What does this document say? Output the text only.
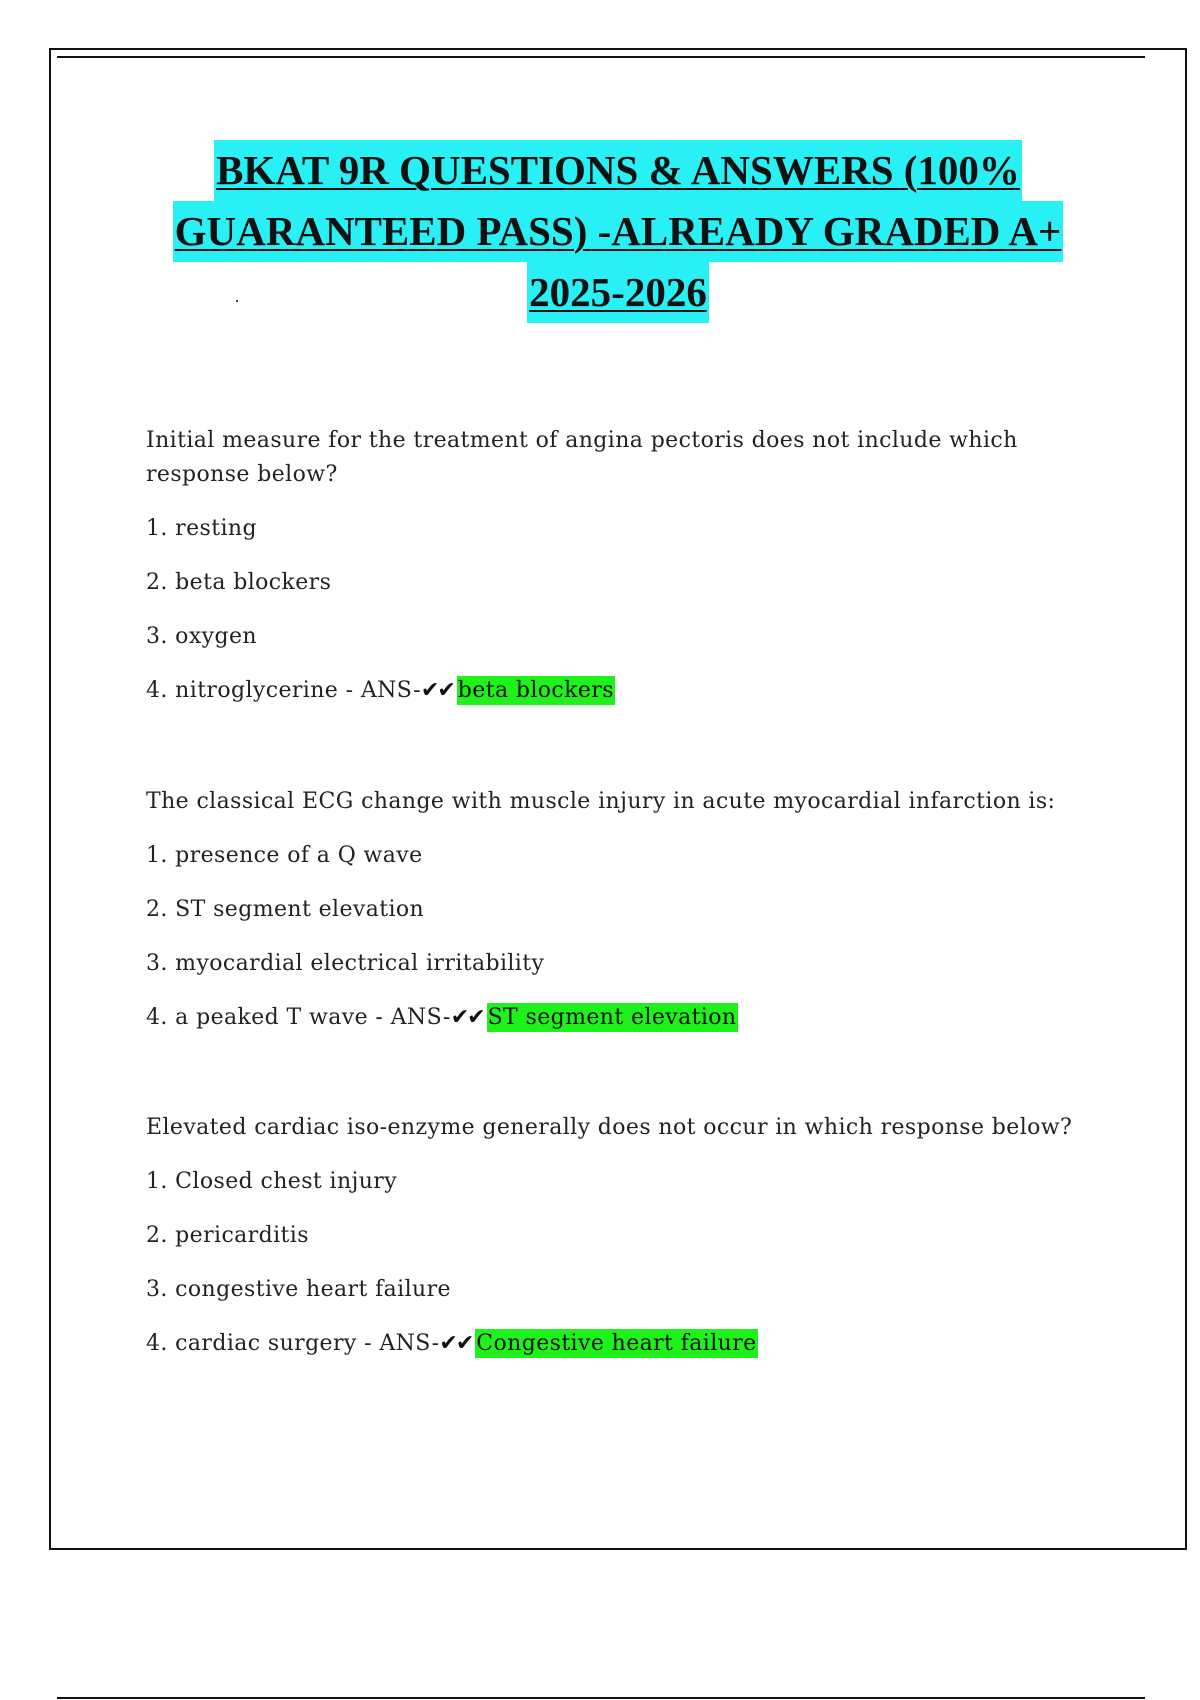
BKAT 9R QUESTIONS & ANSWERS (100%
GUARANTEED PASS) -ALREADY GRADED A+
2025-2026
Initial measure for the treatment of angina pectoris does not include which response below?
1. resting
2. beta blockers
3. oxygen
4. nitroglycerine - ANS-✔✔ beta blockers
The classical ECG change with muscle injury in acute myocardial infarction is:
1. presence of a Q wave
2. ST segment elevation
3. myocardial electrical irritability
4. a peaked T wave - ANS-✔✔ ST segment elevation
Elevated cardiac iso-enzyme generally does not occur in which response below?
1. Closed chest injury
2. pericarditis
3. congestive heart failure
4. cardiac surgery - ANS-✔✔ Congestive heart failure
